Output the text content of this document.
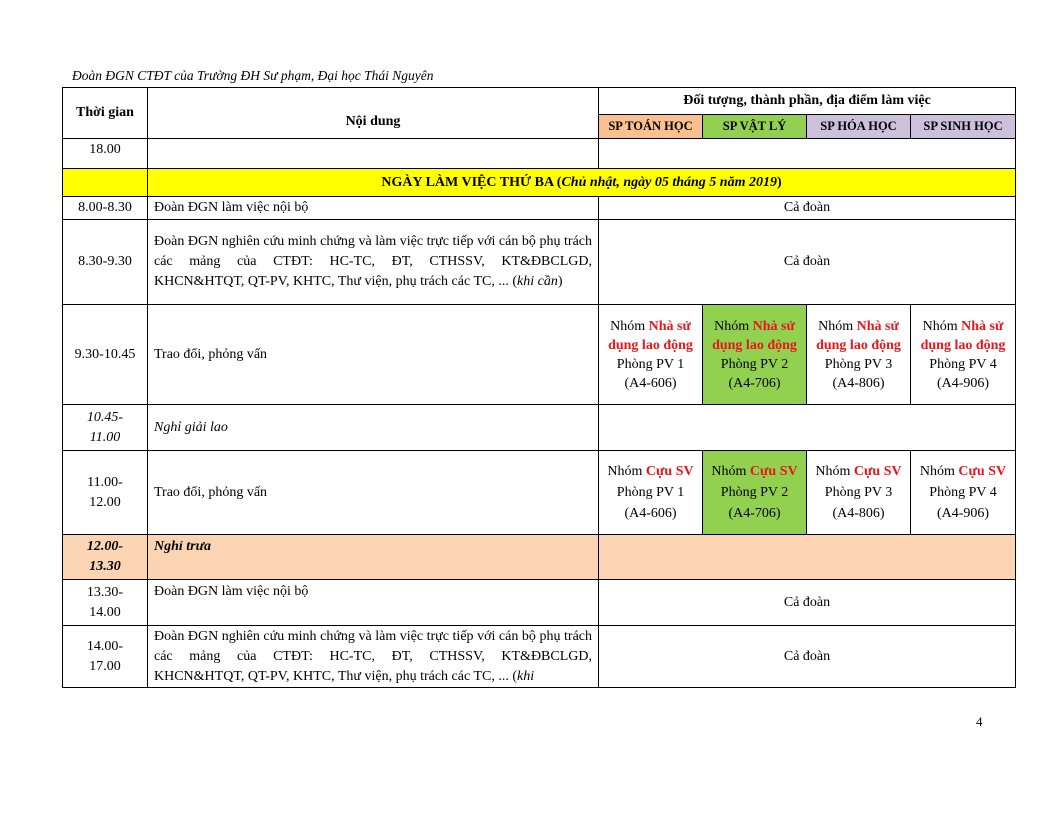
Đoàn ĐGN CTĐT của Trường ĐH Sư phạm, Đại học Thái Nguyên
Thời gian	Nội dung	Đối tượng, thành phần, địa điểm làm việc			
		SP TOÁN HỌC	SP VẬT LÝ	SP HÓA HỌC	SP SINH HỌC
18.00					
	NGÀY LÀM VIỆC THỨ BA (Chủ nhật, ngày 05 tháng 5 năm 2019)				
8.00-8.30	Đoàn ĐGN làm việc nội bộ	Cả đoàn			
8.30-9.30	Đoàn ĐGN nghiên cứu minh chứng và làm việc trực tiếp với cán bộ phụ trách các mảng của CTĐT: HC-TC, ĐT, CTHSSV, KT&ĐBCLGD, KHCN&HTQT, QT-PV, KHTC, Thư viện, phụ trách các TC, ... (khi cần)	Cả đoàn			
9.30-10.45	Trao đổi, phỏng vấn	Nhóm Nhà sử dụng lao động
Phòng PV 1
(A4-606)	Nhóm Nhà sử dụng lao động
Phòng PV 2
(A4-706)	Nhóm Nhà sử dụng lao động
Phòng PV 3
(A4-806)	Nhóm Nhà sử dụng lao động
Phòng PV 4
(A4-906)
10.45-11.00	Nghỉ giải lao				
11.00-12.00	Trao đổi, phỏng vấn	Nhóm Cựu SV
Phòng PV 1
(A4-606)	Nhóm Cựu SV
Phòng PV 2
(A4-706)	Nhóm Cựu SV
Phòng PV 3
(A4-806)	Nhóm Cựu SV
Phòng PV 4
(A4-906)
12.00-13.30	Nghỉ trưa				
13.30-14.00	Đoàn ĐGN làm việc nội bộ	Cả đoàn			
14.00-17.00	Đoàn ĐGN nghiên cứu minh chứng và làm việc trực tiếp với cán bộ phụ trách các mảng của CTĐT: HC-TC, ĐT, CTHSSV, KT&ĐBCLGD, KHCN&HTQT, QT-PV, KHTC, Thư viện, phụ trách các TC, ... (khi	Cả đoàn			
4
